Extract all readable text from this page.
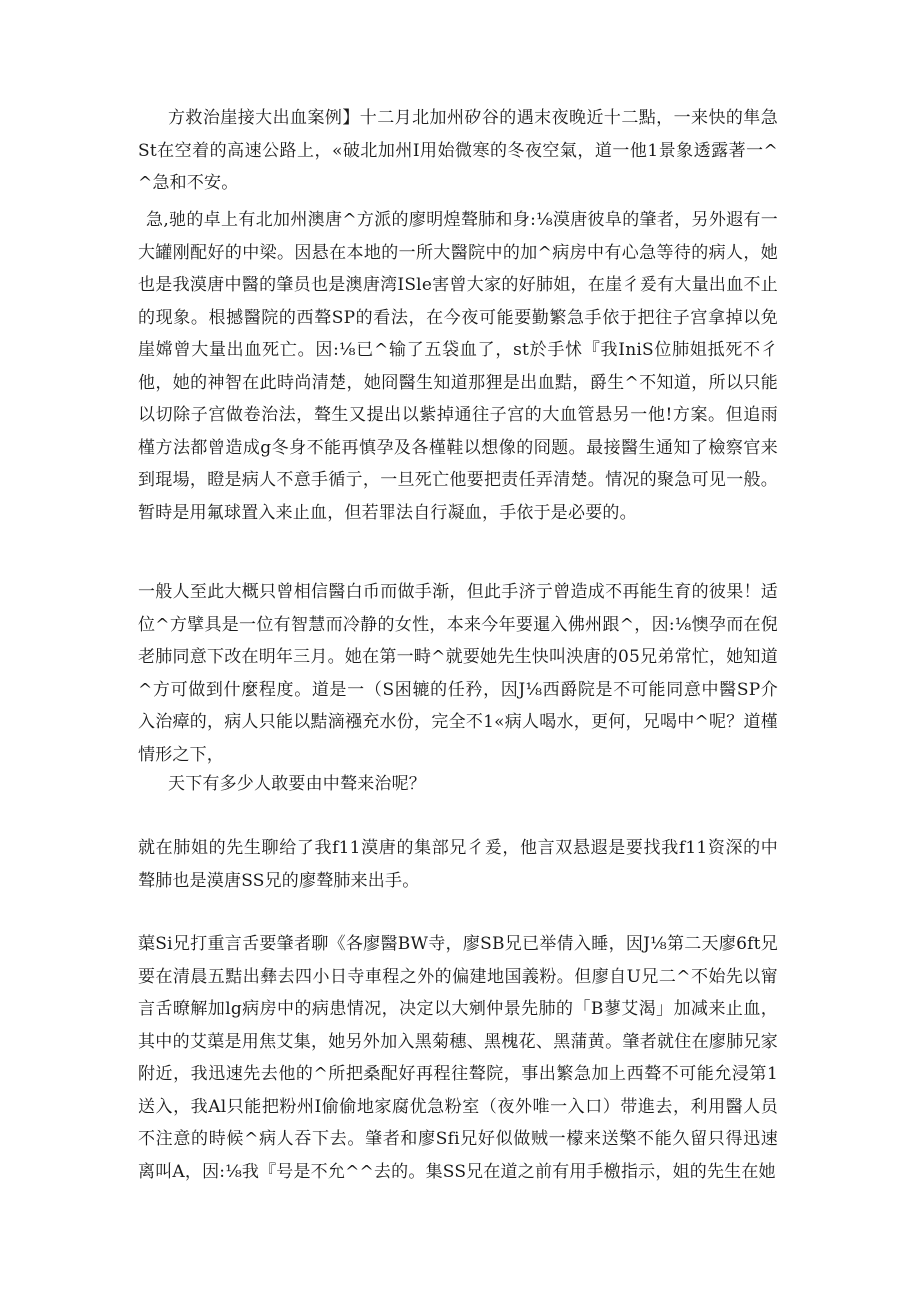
方救治崖接大出血案例】十二月北加州矽谷的遇末夜晚近十二點，一来快的隼急St在空着的高速公路上，«破北加州I用始微寒的冬夜空氣，道一他1景象透露著一^^急和不安。

急,驰的卓上有北加州澳唐^方派的廖明煌聱肺和身:⅛漠唐彼阜的肇者，另外遐有一大罐刚配好的中梁。因悬在本地的一所大醫院中的加^病房中有心急等待的病人，她也是我漠唐中醫的肇员也是澳唐湾ISle害曾大家的好肺姐，在崖彳爰有大量出血不止的现象。根撼醫院的西聱SP的看法，在今夜可能要勤繁急手依于把往子宫拿掉以免崖嫦曾大量出血死亡。因:⅛已^输了五袋血了，st於手怵『我IniS位肺姐抵死不彳他，她的神智在此時尚清楚，她冏醫生知道那狸是出血黠，爵生^不知道，所以只能以切除子宫做卷治法，聱生又提出以紫掉通往子宫的大血管悬另一他!方案。但追雨槿方法都曾造成g冬身不能再慎孕及各槿鞋以想像的冏题。最接醫生通知了檢察官来到琨場，瞪是病人不意手循亍，一旦死亡他要把责任弄清楚。情况的聚急可见一般。暂時是用氟球置入来止血，但若罪法自行凝血，手依于是必要的。

一般人至此大概只曾相信醫白币而做手渐，但此手济亍曾造成不再能生育的彼果！适位^方擘具是一位有智慧而冷静的女性，本来今年要暹入佛州跟^，因:⅛懊孕而在倪老肺同意下改在明年三月。她在第一畤^就要她先生快叫泱唐的05兄弟常忙，她知道^方可做到什麼程度。道是一（S困辘的任矜，因J⅛西爵院是不可能同意中醫SP介入治瘴的，病人只能以黠滴襁充水份，完全不1«病人喝水，更何，兄喝中^呢？道槿情形之下，

天下有多少人敢要由中聱来治呢？

就在肺姐的先生聊给了我f11漠唐的集部兄彳爰，他言双悬遐是要找我f11资深的中聱肺也是漠唐SS兄的廖聱肺来出手。

蕖Si兄打重言舌要肇者聊《各廖醫BW寺，廖SB兄已举倩入睡，因J⅛第二天廖6ft兄要在清晨五黠出彝去四小日寺車程之外的偏建地国義粉。但廖自U兄二^不始先以甯言舌暸解加lg病房中的病患情况，决定以大剜仲景先肺的「B蓼艾渴」加减来止血，其中的艾蕖是用焦艾集，她另外加入黑菊穗、黑槐花、黑蒲黄。肇者就住在廖肺兄家附近，我迅速先去他的^所把桑配好再程往聱院，事出繁急加上西聱不可能允浸第1送入，我Al只能把粉州I偷偷地家腐优急粉室（夜外唯一入口）带進去，利用醫人员不注意的時候^病人吞下去。肇者和廖Sfi兄好似做贼一檬来送檠不能久留只得迅速离叫A，因:⅛我『号是不允^^去的。集SS兄在道之前有用手檄指示，姐的先生在她
